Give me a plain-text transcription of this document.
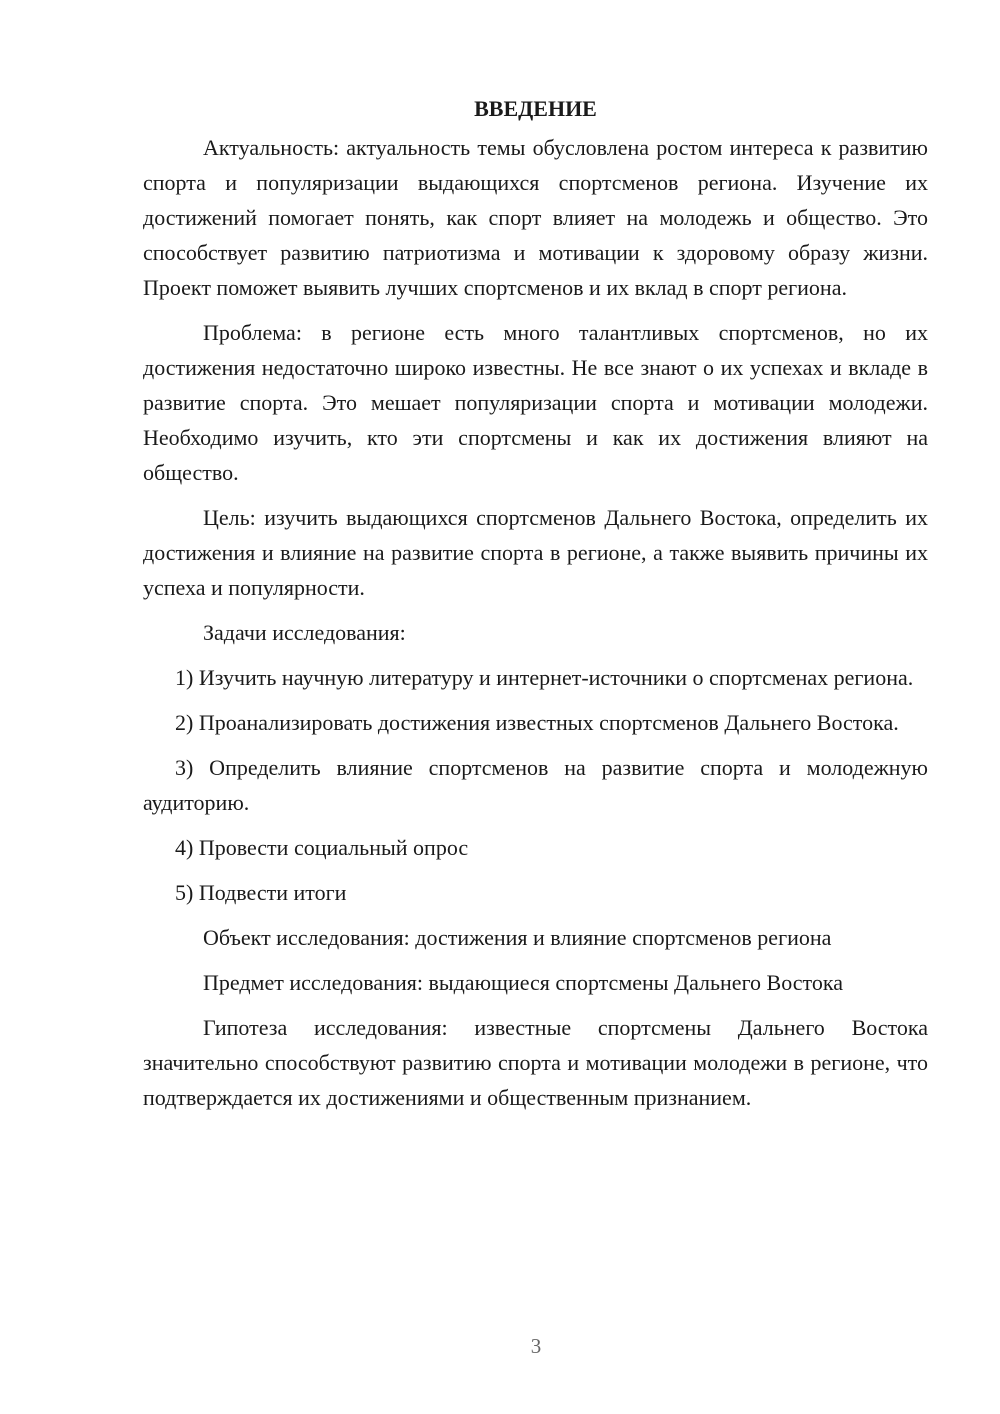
ВВЕДЕНИЕ

Актуальность: актуальность темы обусловлена ростом интереса к развитию спорта и популяризации выдающихся спортсменов региона. Изучение их достижений помогает понять, как спорт влияет на молодежь и общество. Это способствует развитию патриотизма и мотивации к здоровому образу жизни. Проект поможет выявить лучших спортсменов и их вклад в спорт региона.

Проблема: в регионе есть много талантливых спортсменов, но их достижения недостаточно широко известны. Не все знают о их успехах и вкладе в развитие спорта. Это мешает популяризации спорта и мотивации молодежи. Необходимо изучить, кто эти спортсмены и как их достижения влияют на общество.

Цель: изучить выдающихся спортсменов Дальнего Востока, определить их достижения и влияние на развитие спорта в регионе, а также выявить причины их успеха и популярности.

Задачи исследования:

1) Изучить научную литературу и интернет-источники о спортсменах региона.

2) Проанализировать достижения известных спортсменов Дальнего Востока.

3) Определить влияние спортсменов на развитие спорта и молодежную аудиторию.

4) Провести социальный опрос

5) Подвести итоги

Объект исследования: достижения и влияние спортсменов региона

Предмет исследования: выдающиеся спортсмены Дальнего Востока

Гипотеза исследования: известные спортсмены Дальнего Востока значительно способствуют развитию спорта и мотивации молодежи в регионе, что подтверждается их достижениями и общественным признанием.

3
